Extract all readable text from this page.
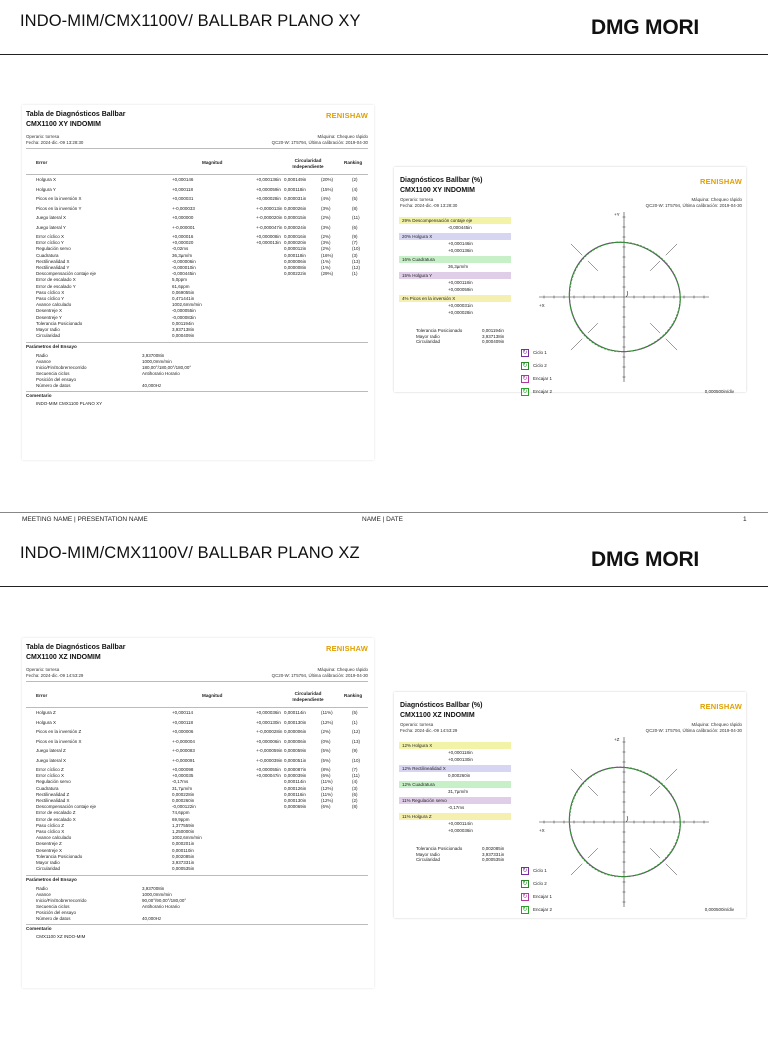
INDO-MIM/CMX1100V/ BALLBAR PLANO XY	DMG MORI
Tabla de Diagnósticos Ballbar
CMX1100 XY INDOMIM
RENISHAW
Operario: torresa
Fecha: 2024-dic.-09 13:28:30
Máquina: Chequeo rápido
QC20-W: 1T5794, Última calibración: 2019-04-30
Error	Magnitud	Circularidad Independiente
Ranking
Holgura X	+0,000146	+0,000136in 0,000149in	(20%)	(2)
Holgura Y	+0,000118	+0,000059in 0,000118in	(15%)	(4)
Picos en la inversión X	+0,000031	+0,000028in 0,000031in	(4%)	(5)
Picos en la inversión Y	+-0,000033	+-0,000013in 0,000026in	(3%)	(8)
Juego lateral X	+0,000000	+-0,000020in 0,000015in	(2%)	(11)
Juego lateral Y	+-0,000001	+-0,000047in 0,000024in	(3%)	(6)
Error cíclico X	+0,000016	+0,000008in 0,000016in	(2%)	(9)
Error cíclico Y	+0,000020	+0,000013in 0,000020in	(3%)	(7)
Regulación servo	-0,02ms	0,000012in	(2%)	(10)
Cuadratura	36,3µm/m	0,000118in	(16%)	(3)
Rectilinealidad X	-0,000006in	0,000006in	(1%)	(13)
Rectilinealidad Y	-0,000010in	0,000008in	(1%)	(12)
Descompensación contaje eje	-0,000445in	0,000222in	(29%)	(1)
Error de escalado X	5,0ppm
Error de escalado Y	61,6ppm
Paso cíclico X	0,069055in
Paso cíclico Y	0,471441in
Avance calculado	1002,6mm/min
Desentreje X	-0,000055in
Desentreje Y	-0,000083in
Tolerancia Posicionado	0,001194in
Mayor radio	3,937138in
Circularidad	0,000409in
Parámetros del Ensayo
Radio	3,937008in
Avance	1000,0mm/min
Inicio/Fin/Sobrerrecorrido	180,00°/180,00°/180,00°
Secuencia ciclos	Antihorario Horario
Posición del ensayo
Número de datos	40,000Hz
Comentario
INDO-MIM CMX1100 PLANO XY
Diagnósticos Ballbar (%)
CMX1100 XY INDOMIM
RENISHAW
Operario: torresa
Fecha: 2024-dic.-09 13:28:30
Máquina: Chequeo rápido
QC20-W: 1T5794, Última calibración: 2019-04-30
29% Descompensación contaje eje
-0,000445in
20% Holgura X
+0,000146in
+0,000136in
16% Cuadratura
36,3µm/m
15% Holgura Y
+0,000118in
+0,000059in
4% Picos en la inversión X
+0,000031in
+0,000028in
Tolerancia Posicionado	0,001194in
Mayor radio	3,937138in
Circularidad	0,000409in
↻	Ciclo 1
↻	Ciclo 2
↻	Encajar 1
↻	Encajar 2	0,000500in/div
+Y
+X
MEETING NAME | PRESENTATION NAME	NAME | DATE	1
INDO-MIM/CMX1100V/ BALLBAR PLANO XZ	DMG MORI
Tabla de Diagnósticos Ballbar
CMX1100 XZ INDOMIM
RENISHAW
Operario: torresa
Fecha: 2024-dic.-09 14:53:29
Máquina: Chequeo rápido
QC20-W: 1T5794, Última calibración: 2019-04-30
Error	Magnitud	Circularidad Independiente
Ranking
Holgura Z	+0,000114	+0,000036in 0,000114in	(11%)	(5)
Holgura X	+0,000118	+0,000130in 0,000130in	(12%)	(1)
Picos en la inversión Z	+0,000006	+-0,000028in 0,000006in	(2%)	(12)
Picos en la inversión X	+-0,000004	+0,000006in 0,000006in	(0%)	(13)
Juego lateral Z	+-0,000083	+-0,000059in 0,000059in	(5%)	(9)
Juego lateral X	+-0,000091	+-0,000039in 0,000051in	(5%)	(10)
Error cíclico Z	+0,000098	+0,000055in 0,000087in	(8%)	(7)
Error cíclico X	+0,000035	+0,000047in 0,000039in	(6%)	(11)
Regulación servo	-0,17ms	0,000114in	(11%)	(4)
Cuadratura	31,7µm/m	0,000126in	(12%)	(3)
Rectilinealidad Z	0,000228in	0,000116in	(11%)	(6)
Rectilinealidad X	0,000260in	0,000130in	(12%)	(2)
Descompensación contaje eje	-0,000122in	0,000069in	(6%)	(8)
Error de escalado Z	74,6ppm
Error de escalado X	69,9ppm
Paso cíclico Z	1,377559in
Paso cíclico X	1,250000in
Avance calculado	1002,6mm/min
Desentreje Z	0,000201in
Desentreje X	0,000110in
Tolerancia Posicionado	0,002085in
Mayor radio	3,937331in
Circularidad	0,000535in
Parámetros del Ensayo
Radio	3,937008in
Avance	1000,0mm/min
Inicio/Fin/Sobrerrecorrido	90,00°/90,00°/180,00°
Secuencia ciclos	Antihorario Horario
Posición del ensayo
Número de datos	40,000Hz
Comentario
CMX1100 XZ INDO-MIM
Diagnósticos Ballbar (%)
CMX1100 XZ INDOMIM
RENISHAW
Operario: torresa
Fecha: 2024-dic.-09 14:53:29
Máquina: Chequeo rápido
QC20-W: 1T5794, Última calibración: 2019-04-30
12% Holgura X
+0,000118in
+0,000130in
12% Rectilinealidad X
0,000260in
12% Cuadratura
31,7µm/m
11% Regulación servo
-0,17ms
11% Holgura Z
+0,000114in
+0,000036in
Tolerancia Posicionado	0,002085in
Mayor radio	3,937331in
Circularidad	0,000535in
↻	Ciclo 1
↻	Ciclo 2
↻	Encajar 1
↻	Encajar 2	0,000500in/div
+Z
+X
